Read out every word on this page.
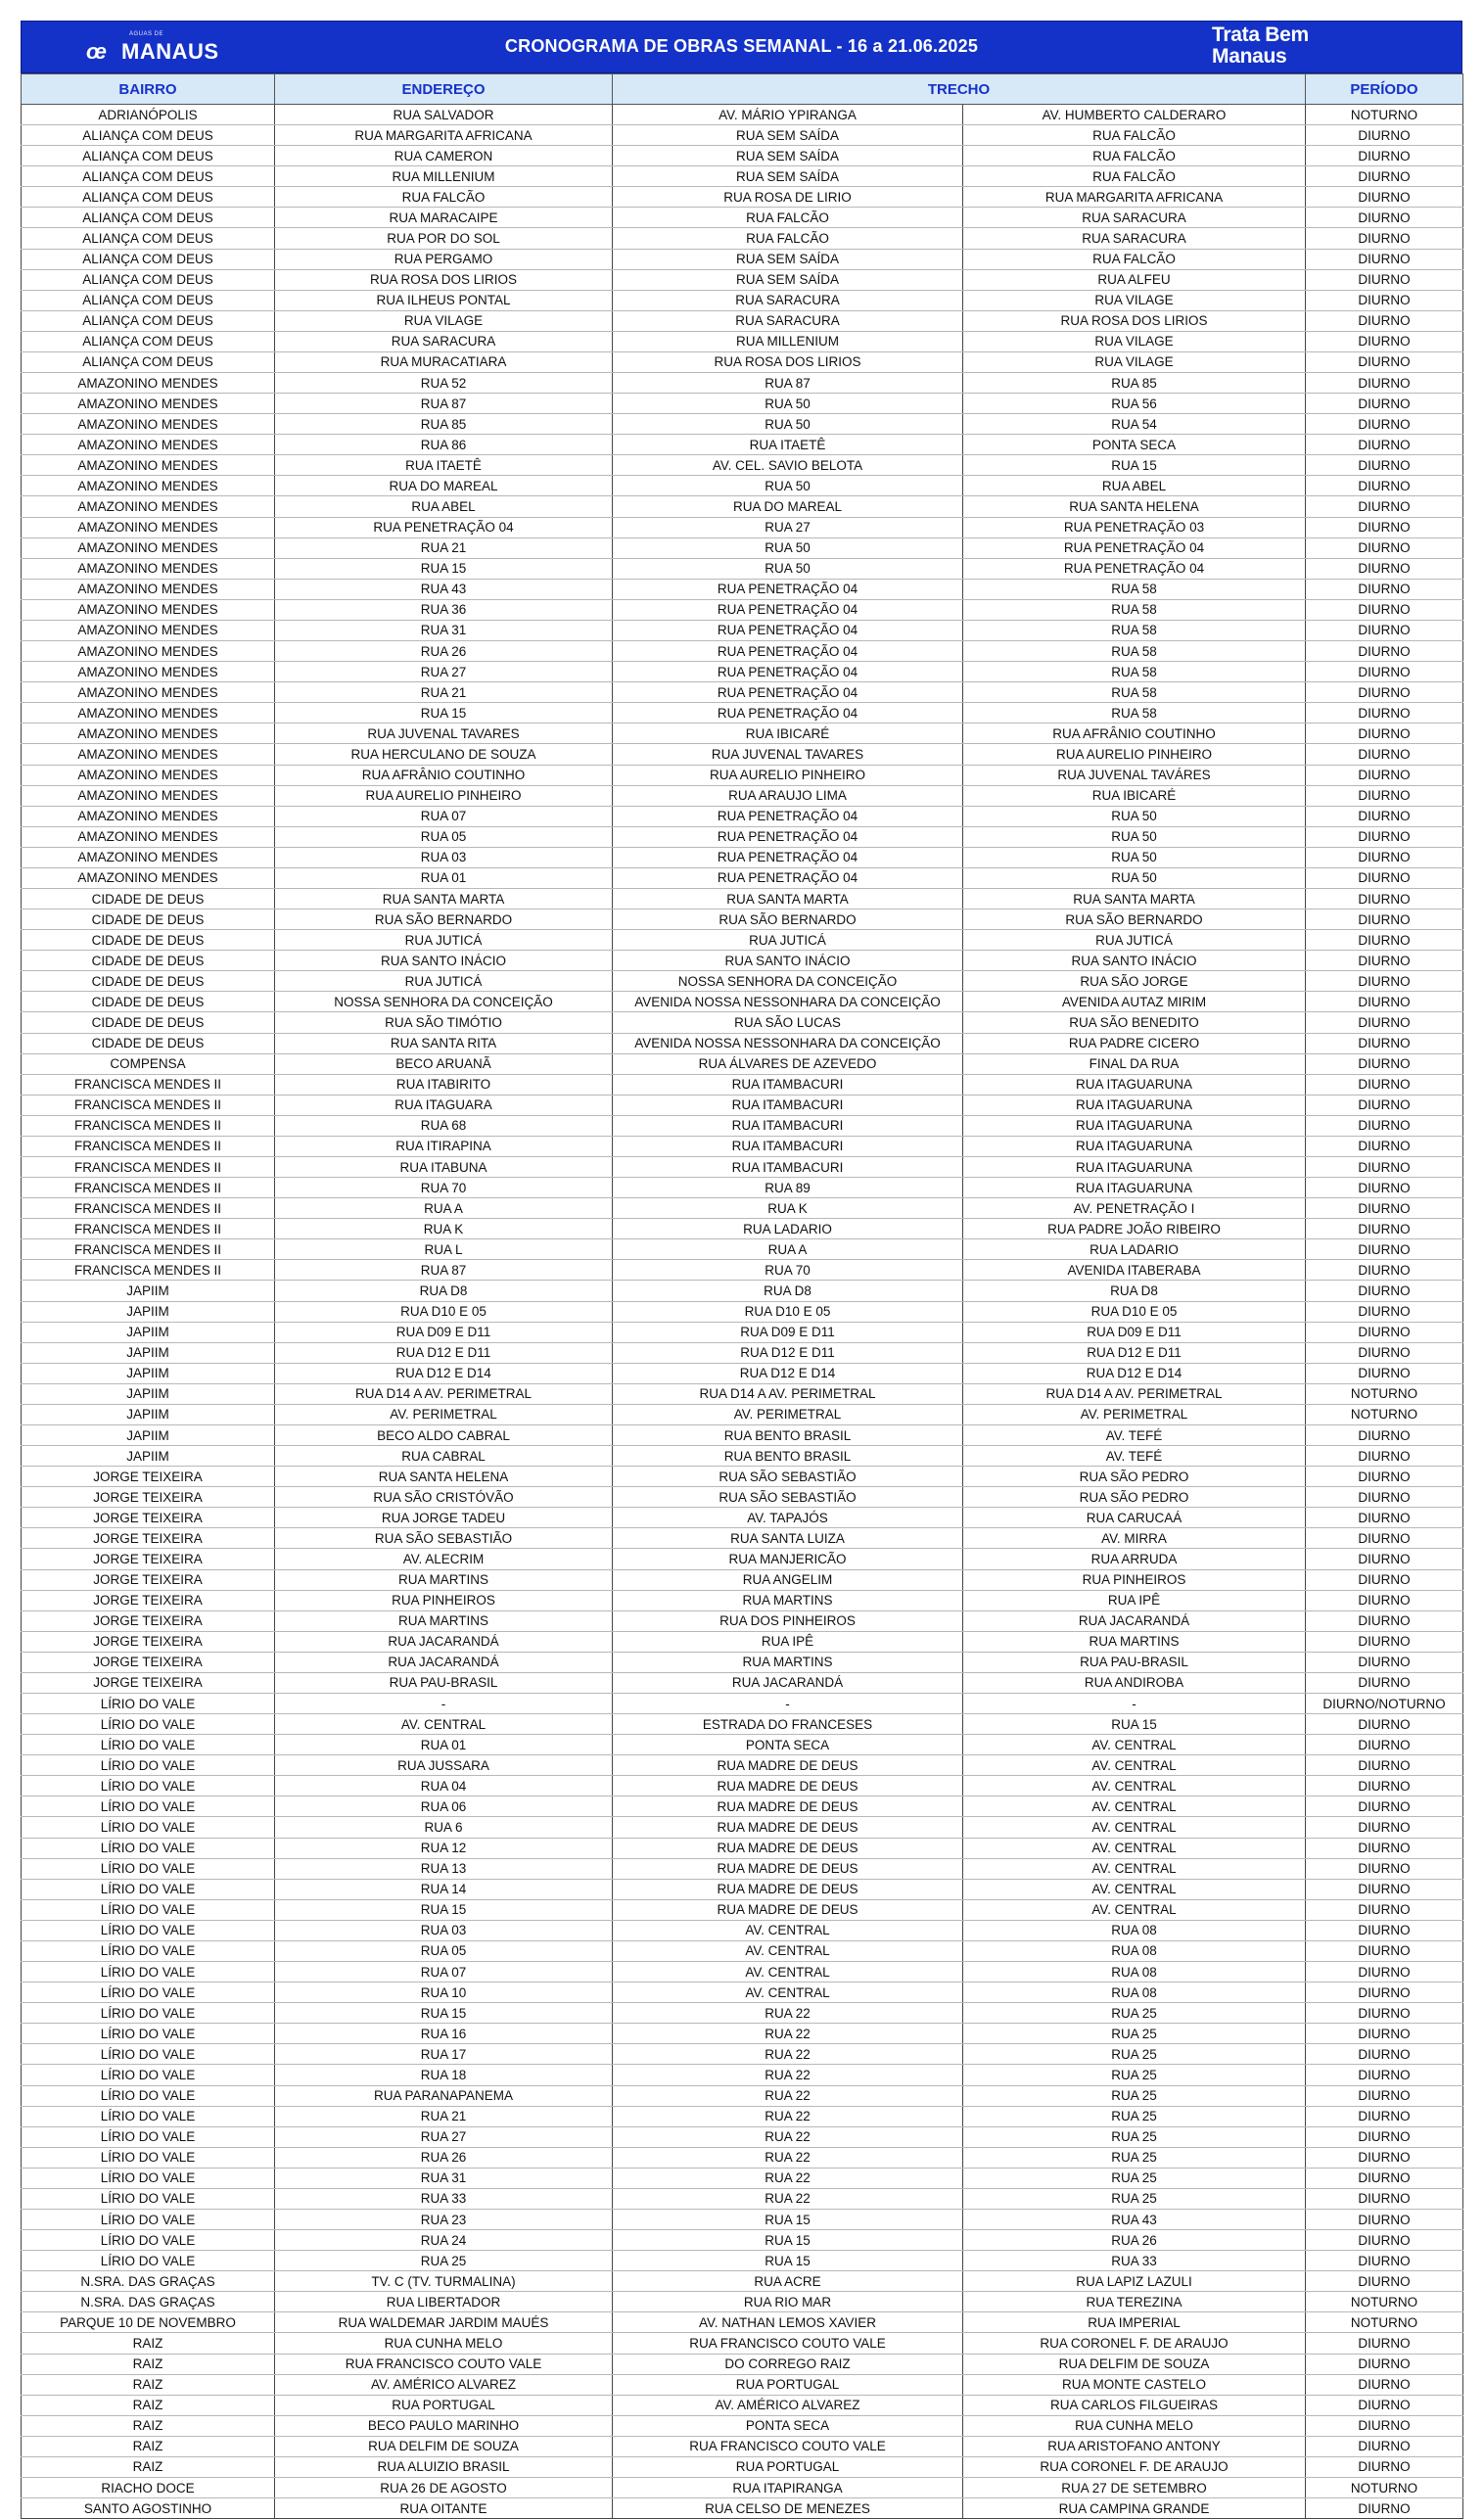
ÁGUAS DE
œ MANAUS	CRONOGRAMA DE OBRAS SEMANAL - 16 a 21.06.2025	Trata Bem
Manaus
BAIRRO	ENDEREÇO	TRECHO		PERÍODO
ADRIANÓPOLIS	RUA SALVADOR	AV. MÁRIO YPIRANGA	AV. HUMBERTO CALDERARO	NOTURNO
ALIANÇA COM DEUS	RUA MARGARITA AFRICANA	RUA SEM SAÍDA	RUA FALCÃO	DIURNO
ALIANÇA COM DEUS	RUA CAMERON	RUA SEM SAÍDA	RUA FALCÃO	DIURNO
ALIANÇA COM DEUS	RUA MILLENIUM	RUA SEM SAÍDA	RUA FALCÃO	DIURNO
ALIANÇA COM DEUS	RUA FALCÃO	RUA ROSA DE LIRIO	RUA MARGARITA AFRICANA	DIURNO
ALIANÇA COM DEUS	RUA MARACAIPE	RUA FALCÃO	RUA SARACURA	DIURNO
ALIANÇA COM DEUS	RUA POR DO SOL	RUA FALCÃO	RUA SARACURA	DIURNO
ALIANÇA COM DEUS	RUA PERGAMO	RUA SEM SAÍDA	RUA FALCÃO	DIURNO
ALIANÇA COM DEUS	RUA ROSA DOS LIRIOS	RUA SEM SAÍDA	RUA ALFEU	DIURNO
ALIANÇA COM DEUS	RUA ILHEUS PONTAL	RUA SARACURA	RUA VILAGE	DIURNO
ALIANÇA COM DEUS	RUA VILAGE	RUA SARACURA	RUA ROSA DOS LIRIOS	DIURNO
ALIANÇA COM DEUS	RUA SARACURA	RUA MILLENIUM	RUA VILAGE	DIURNO
ALIANÇA COM DEUS	RUA MURACATIARA	RUA ROSA DOS LIRIOS	RUA VILAGE	DIURNO
AMAZONINO MENDES	RUA 52	RUA 87	RUA 85	DIURNO
AMAZONINO MENDES	RUA 87	RUA 50	RUA 56	DIURNO
AMAZONINO MENDES	RUA 85	RUA 50	RUA 54	DIURNO
AMAZONINO MENDES	RUA 86	RUA ITAETÊ	PONTA SECA	DIURNO
AMAZONINO MENDES	RUA ITAETÊ	AV. CEL. SAVIO BELOTA	RUA 15	DIURNO
AMAZONINO MENDES	RUA DO MAREAL	RUA 50	RUA ABEL	DIURNO
AMAZONINO MENDES	RUA ABEL	RUA DO MAREAL	RUA SANTA HELENA	DIURNO
AMAZONINO MENDES	RUA PENETRAÇÃO 04	RUA 27	RUA PENETRAÇÃO 03	DIURNO
AMAZONINO MENDES	RUA 21	RUA 50	RUA PENETRAÇÃO 04	DIURNO
AMAZONINO MENDES	RUA 15	RUA 50	RUA PENETRAÇÃO 04	DIURNO
AMAZONINO MENDES	RUA 43	RUA PENETRAÇÃO 04	RUA 58	DIURNO
AMAZONINO MENDES	RUA 36	RUA PENETRAÇÃO 04	RUA 58	DIURNO
AMAZONINO MENDES	RUA 31	RUA PENETRAÇÃO 04	RUA 58	DIURNO
AMAZONINO MENDES	RUA 26	RUA PENETRAÇÃO 04	RUA 58	DIURNO
AMAZONINO MENDES	RUA 27	RUA PENETRAÇÃO 04	RUA 58	DIURNO
AMAZONINO MENDES	RUA 21	RUA PENETRAÇÃO 04	RUA 58	DIURNO
AMAZONINO MENDES	RUA 15	RUA PENETRAÇÃO 04	RUA 58	DIURNO
AMAZONINO MENDES	RUA JUVENAL TAVARES	RUA IBICARÉ	RUA AFRÂNIO COUTINHO	DIURNO
AMAZONINO MENDES	RUA HERCULANO DE SOUZA	RUA JUVENAL TAVARES	RUA AURELIO PINHEIRO	DIURNO
AMAZONINO MENDES	RUA AFRÂNIO COUTINHO	RUA AURELIO PINHEIRO	RUA JUVENAL TAVÁRES	DIURNO
AMAZONINO MENDES	RUA AURELIO PINHEIRO	RUA ARAUJO LIMA	RUA IBICARÉ	DIURNO
AMAZONINO MENDES	RUA 07	RUA PENETRAÇÃO 04	RUA 50	DIURNO
AMAZONINO MENDES	RUA 05	RUA PENETRAÇÃO 04	RUA 50	DIURNO
AMAZONINO MENDES	RUA 03	RUA PENETRAÇÃO 04	RUA 50	DIURNO
AMAZONINO MENDES	RUA 01	RUA PENETRAÇÃO 04	RUA 50	DIURNO
CIDADE DE DEUS	RUA SANTA MARTA	RUA SANTA MARTA	RUA SANTA MARTA	DIURNO
CIDADE DE DEUS	RUA SÃO BERNARDO	RUA SÃO BERNARDO	RUA SÃO BERNARDO	DIURNO
CIDADE DE DEUS	RUA JUTICÁ	RUA JUTICÁ	RUA JUTICÁ	DIURNO
CIDADE DE DEUS	RUA SANTO INÁCIO	RUA SANTO INÁCIO	RUA SANTO INÁCIO	DIURNO
CIDADE DE DEUS	RUA JUTICÁ	NOSSA SENHORA DA CONCEIÇÃO	RUA SÃO JORGE	DIURNO
CIDADE DE DEUS	NOSSA SENHORA DA CONCEIÇÃO	AVENIDA NOSSA NESSONHARA DA CONCEIÇÃO	AVENIDA AUTAZ MIRIM	DIURNO
CIDADE DE DEUS	RUA SÃO TIMÓTIO	RUA SÃO LUCAS	RUA SÃO BENEDITO	DIURNO
CIDADE DE DEUS	RUA SANTA RITA	AVENIDA NOSSA NESSONHARA DA CONCEIÇÃO	RUA PADRE CICERO	DIURNO
COMPENSA	BECO ARUANÃ	RUA ÁLVARES DE AZEVEDO	FINAL DA RUA	DIURNO
FRANCISCA MENDES II	RUA ITABIRITO	RUA ITAMBACURI	RUA ITAGUARUNA	DIURNO
FRANCISCA MENDES II	RUA ITAGUARA	RUA ITAMBACURI	RUA ITAGUARUNA	DIURNO
FRANCISCA MENDES II	RUA 68	RUA ITAMBACURI	RUA ITAGUARUNA	DIURNO
FRANCISCA MENDES II	RUA ITIRAPINA	RUA ITAMBACURI	RUA ITAGUARUNA	DIURNO
FRANCISCA MENDES II	RUA ITABUNA	RUA ITAMBACURI	RUA ITAGUARUNA	DIURNO
FRANCISCA MENDES II	RUA 70	RUA 89	RUA ITAGUARUNA	DIURNO
FRANCISCA MENDES II	RUA A	RUA K	AV. PENETRAÇÃO I	DIURNO
FRANCISCA MENDES II	RUA K	RUA LADARIO	RUA PADRE JOÃO RIBEIRO	DIURNO
FRANCISCA MENDES II	RUA L	RUA A	RUA LADARIO	DIURNO
FRANCISCA MENDES II	RUA 87	RUA 70	AVENIDA ITABERABA	DIURNO
JAPIIM	RUA D8	RUA D8	RUA D8	DIURNO
JAPIIM	RUA D10 E 05	RUA D10 E 05	RUA D10 E 05	DIURNO
JAPIIM	RUA D09 E D11	RUA D09 E D11	RUA D09 E D11	DIURNO
JAPIIM	RUA D12 E D11	RUA D12 E D11	RUA D12 E D11	DIURNO
JAPIIM	RUA D12 E D14	RUA D12 E D14	RUA D12 E D14	DIURNO
JAPIIM	RUA D14 A AV. PERIMETRAL	RUA D14 A AV. PERIMETRAL	RUA D14 A AV. PERIMETRAL	NOTURNO
JAPIIM	AV. PERIMETRAL	AV. PERIMETRAL	AV. PERIMETRAL	NOTURNO
JAPIIM	BECO ALDO CABRAL	RUA BENTO BRASIL	AV. TEFÉ	DIURNO
JAPIIM	RUA CABRAL	RUA BENTO BRASIL	AV. TEFÉ	DIURNO
JORGE TEIXEIRA	RUA SANTA HELENA	RUA SÃO SEBASTIÃO	RUA SÃO PEDRO	DIURNO
JORGE TEIXEIRA	RUA SÃO CRISTÓVÃO	RUA SÃO SEBASTIÃO	RUA SÃO PEDRO	DIURNO
JORGE TEIXEIRA	RUA JORGE TADEU	AV. TAPAJÓS	RUA CARUCAÁ	DIURNO
JORGE TEIXEIRA	RUA SÃO SEBASTIÃO	RUA SANTA LUIZA	AV. MIRRA	DIURNO
JORGE TEIXEIRA	AV. ALECRIM	RUA MANJERICÃO	RUA ARRUDA	DIURNO
JORGE TEIXEIRA	RUA MARTINS	RUA ANGELIM	RUA PINHEIROS	DIURNO
JORGE TEIXEIRA	RUA PINHEIROS	RUA MARTINS	RUA IPÊ	DIURNO
JORGE TEIXEIRA	RUA MARTINS	RUA DOS PINHEIROS	RUA JACARANDÁ	DIURNO
JORGE TEIXEIRA	RUA JACARANDÁ	RUA IPÊ	RUA MARTINS	DIURNO
JORGE TEIXEIRA	RUA JACARANDÁ	RUA MARTINS	RUA PAU-BRASIL	DIURNO
JORGE TEIXEIRA	RUA PAU-BRASIL	RUA JACARANDÁ	RUA ANDIROBA	DIURNO
LÍRIO DO VALE	-	-	-	DIURNO/NOTURNO
LÍRIO DO VALE	AV. CENTRAL	ESTRADA DO FRANCESES	RUA 15	DIURNO
LÍRIO DO VALE	RUA 01	PONTA SECA	AV. CENTRAL	DIURNO
LÍRIO DO VALE	RUA JUSSARA	RUA MADRE DE DEUS	AV. CENTRAL	DIURNO
LÍRIO DO VALE	RUA 04	RUA MADRE DE DEUS	AV. CENTRAL	DIURNO
LÍRIO DO VALE	RUA 06	RUA MADRE DE DEUS	AV. CENTRAL	DIURNO
LÍRIO DO VALE	RUA 6	RUA MADRE DE DEUS	AV. CENTRAL	DIURNO
LÍRIO DO VALE	RUA 12	RUA MADRE DE DEUS	AV. CENTRAL	DIURNO
LÍRIO DO VALE	RUA 13	RUA MADRE DE DEUS	AV. CENTRAL	DIURNO
LÍRIO DO VALE	RUA 14	RUA MADRE DE DEUS	AV. CENTRAL	DIURNO
LÍRIO DO VALE	RUA 15	RUA MADRE DE DEUS	AV. CENTRAL	DIURNO
LÍRIO DO VALE	RUA 03	AV. CENTRAL	RUA 08	DIURNO
LÍRIO DO VALE	RUA 05	AV. CENTRAL	RUA 08	DIURNO
LÍRIO DO VALE	RUA 07	AV. CENTRAL	RUA 08	DIURNO
LÍRIO DO VALE	RUA 10	AV. CENTRAL	RUA 08	DIURNO
LÍRIO DO VALE	RUA 15	RUA 22	RUA 25	DIURNO
LÍRIO DO VALE	RUA 16	RUA 22	RUA 25	DIURNO
LÍRIO DO VALE	RUA 17	RUA 22	RUA 25	DIURNO
LÍRIO DO VALE	RUA 18	RUA 22	RUA 25	DIURNO
LÍRIO DO VALE	RUA PARANAPANEMA	RUA 22	RUA 25	DIURNO
LÍRIO DO VALE	RUA 21	RUA 22	RUA 25	DIURNO
LÍRIO DO VALE	RUA 27	RUA 22	RUA 25	DIURNO
LÍRIO DO VALE	RUA 26	RUA 22	RUA 25	DIURNO
LÍRIO DO VALE	RUA 31	RUA 22	RUA 25	DIURNO
LÍRIO DO VALE	RUA 33	RUA 22	RUA 25	DIURNO
LÍRIO DO VALE	RUA 23	RUA 15	RUA 43	DIURNO
LÍRIO DO VALE	RUA 24	RUA 15	RUA 26	DIURNO
LÍRIO DO VALE	RUA 25	RUA 15	RUA 33	DIURNO
N.SRA. DAS GRAÇAS	TV. C (TV. TURMALINA)	RUA ACRE	RUA LAPIZ LAZULI	DIURNO
N.SRA. DAS GRAÇAS	RUA LIBERTADOR	RUA RIO MAR	RUA TEREZINA	NOTURNO
PARQUE 10 DE NOVEMBRO	RUA WALDEMAR JARDIM MAUÉS	AV. NATHAN LEMOS XAVIER	RUA IMPERIAL	NOTURNO
RAIZ	RUA CUNHA MELO	RUA FRANCISCO COUTO VALE	RUA CORONEL F. DE ARAUJO	DIURNO
RAIZ	RUA FRANCISCO COUTO VALE	DO CORREGO RAIZ	RUA DELFIM DE SOUZA	DIURNO
RAIZ	AV. AMÉRICO ALVAREZ	RUA PORTUGAL	RUA MONTE CASTELO	DIURNO
RAIZ	RUA PORTUGAL	AV. AMÉRICO ALVAREZ	RUA CARLOS FILGUEIRAS	DIURNO
RAIZ	BECO PAULO MARINHO	PONTA SECA	RUA CUNHA MELO	DIURNO
RAIZ	RUA DELFIM DE SOUZA	RUA FRANCISCO COUTO VALE	RUA ARISTOFANO ANTONY	DIURNO
RAIZ	RUA ALUIZIO BRASIL	RUA PORTUGAL	RUA CORONEL F. DE ARAUJO	DIURNO
RIACHO DOCE	RUA 26 DE AGOSTO	RUA ITAPIRANGA	RUA 27 DE SETEMBRO	NOTURNO
SANTO AGOSTINHO	RUA OITANTE	RUA CELSO DE MENEZES	RUA CAMPINA GRANDE	DIURNO
